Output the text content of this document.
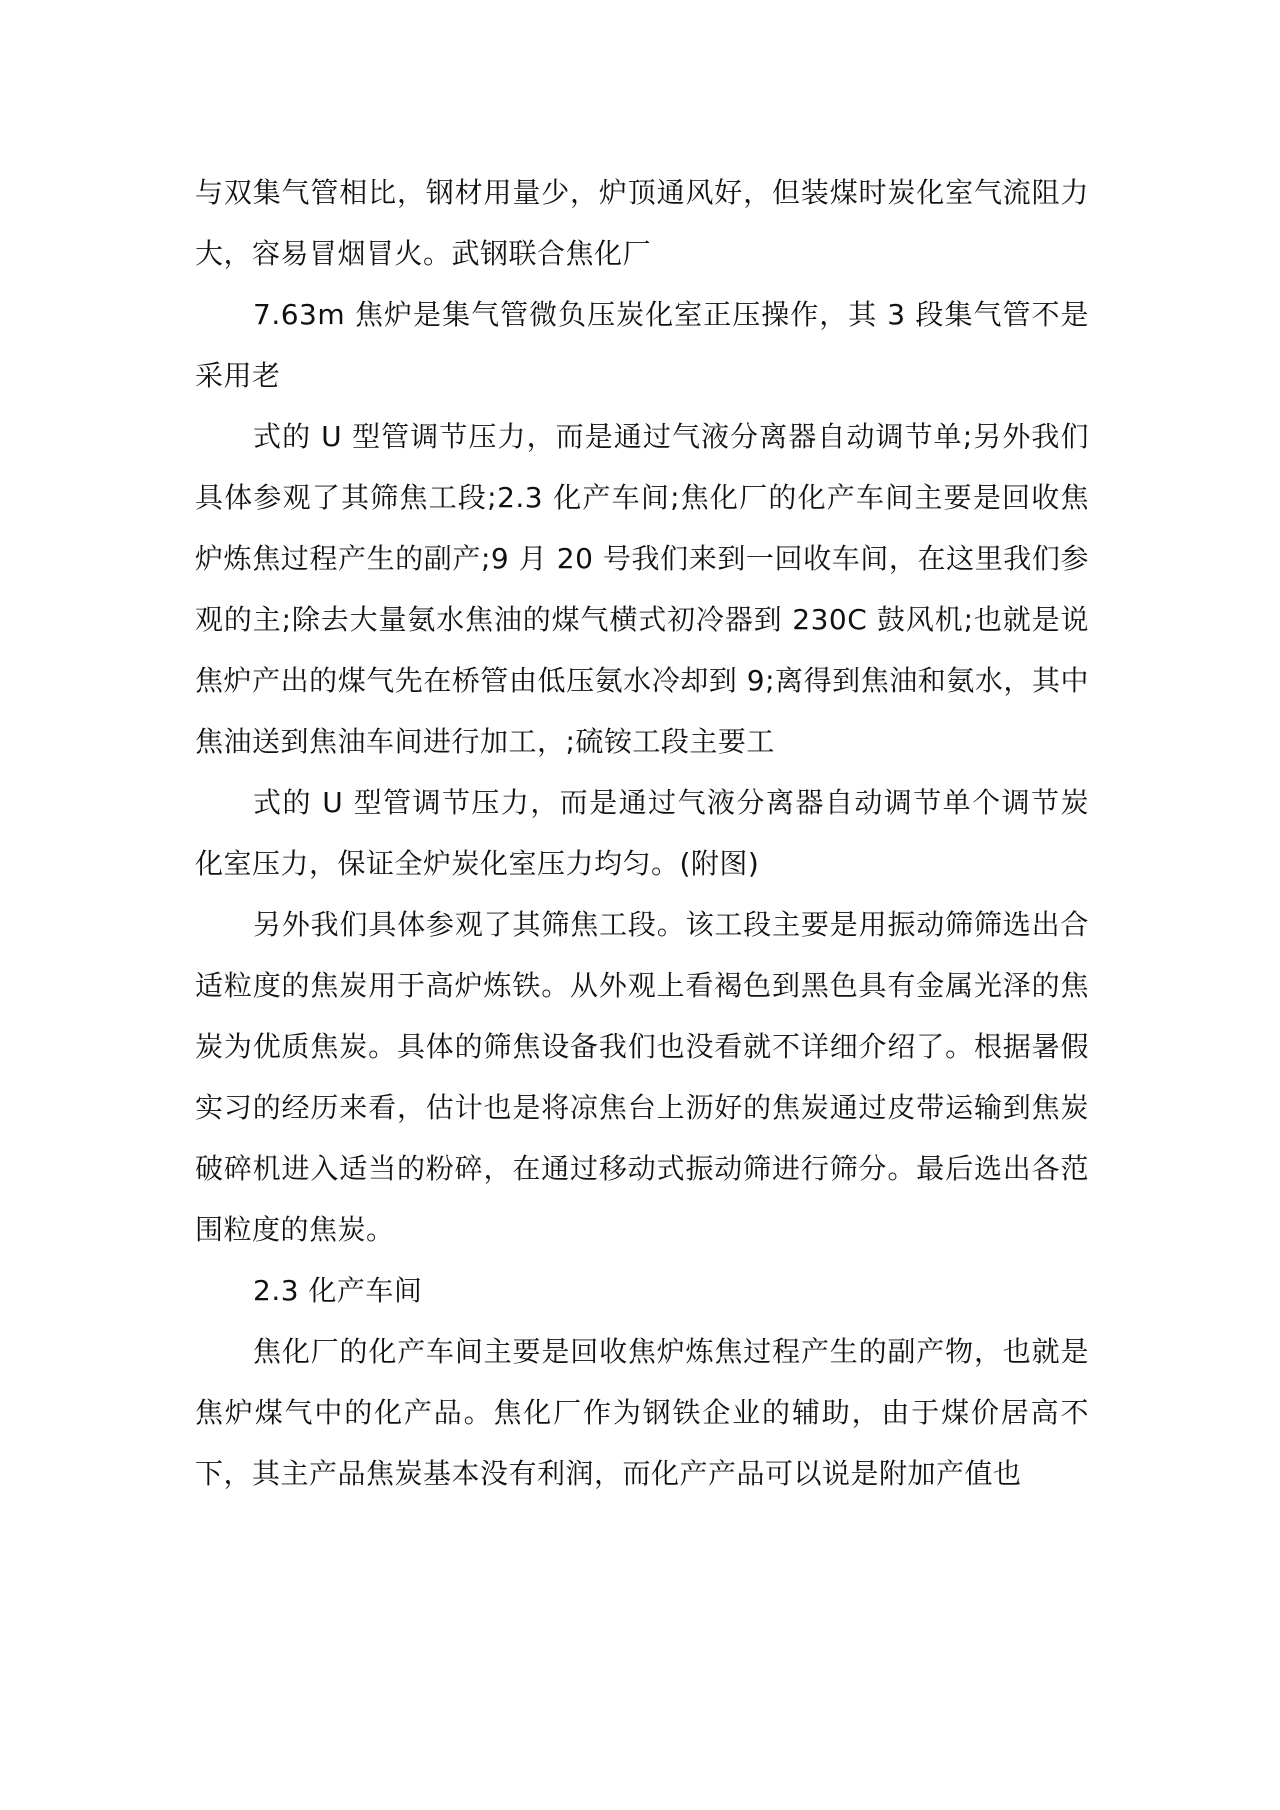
与双集气管相比，钢材用量少，炉顶通风好，但装煤时炭化室气流阻力大，容易冒烟冒火。武钢联合焦化厂

7.63m 焦炉是集气管微负压炭化室正压操作，其 3 段集气管不是采用老

式的 U 型管调节压力，而是通过气液分离器自动调节单;另外我们具体参观了其筛焦工段;2.3 化产车间;焦化厂的化产车间主要是回收焦炉炼焦过程产生的副产;9 月 20 号我们来到一回收车间，在这里我们参观的主;除去大量氨水焦油的煤气横式初冷器到 230C 鼓风机;也就是说焦炉产出的煤气先在桥管由低压氨水冷却到 9;离得到焦油和氨水，其中焦油送到焦油车间进行加工，;硫铵工段主要工

式的 U 型管调节压力，而是通过气液分离器自动调节单个调节炭化室压力，保证全炉炭化室压力均匀。(附图)

另外我们具体参观了其筛焦工段。该工段主要是用振动筛筛选出合适粒度的焦炭用于高炉炼铁。从外观上看褐色到黑色具有金属光泽的焦炭为优质焦炭。具体的筛焦设备我们也没看就不详细介绍了。根据暑假实习的经历来看，估计也是将凉焦台上沥好的焦炭通过皮带运输到焦炭破碎机进入适当的粉碎，在通过移动式振动筛进行筛分。最后选出各范围粒度的焦炭。

2.3 化产车间

焦化厂的化产车间主要是回收焦炉炼焦过程产生的副产物，也就是焦炉煤气中的化产品。焦化厂作为钢铁企业的辅助，由于煤价居高不下，其主产品焦炭基本没有利润，而化产产品可以说是附加产值也
